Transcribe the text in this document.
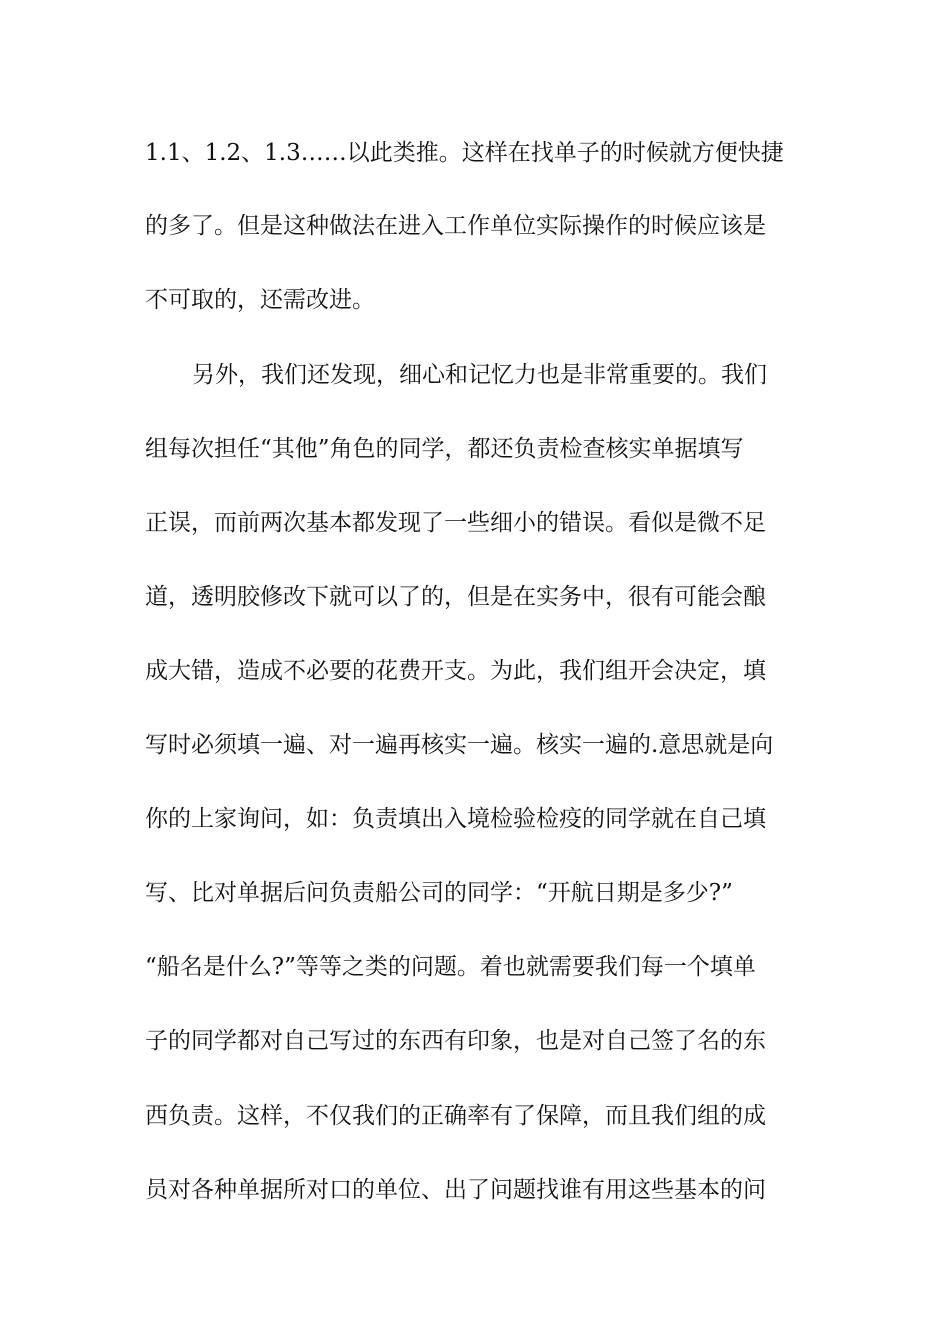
1.1、1.2、1.3……以此类推。这样在找单子的时候就方便快捷
的多了。但是这种做法在进入工作单位实际操作的时候应该是
不可取的，还需改进。
另外，我们还发现，细心和记忆力也是非常重要的。我们
组每次担任“其他”角色的同学，都还负责检查核实单据填写
正误，而前两次基本都发现了一些细小的错误。看似是微不足
道，透明胶修改下就可以了的，但是在实务中，很有可能会酿
成大错，造成不必要的花费开支。为此，我们组开会决定，填
写时必须填一遍、对一遍再核实一遍。核实一遍的.意思就是向
你的上家询问，如：负责填出入境检验检疫的同学就在自己填
写、比对单据后问负责船公司的同学：“开航日期是多少?”
“船名是什么?”等等之类的问题。着也就需要我们每一个填单
子的同学都对自己写过的东西有印象，也是对自己签了名的东
西负责。这样，不仅我们的正确率有了保障，而且我们组的成
员对各种单据所对口的单位、出了问题找谁有用这些基本的问
